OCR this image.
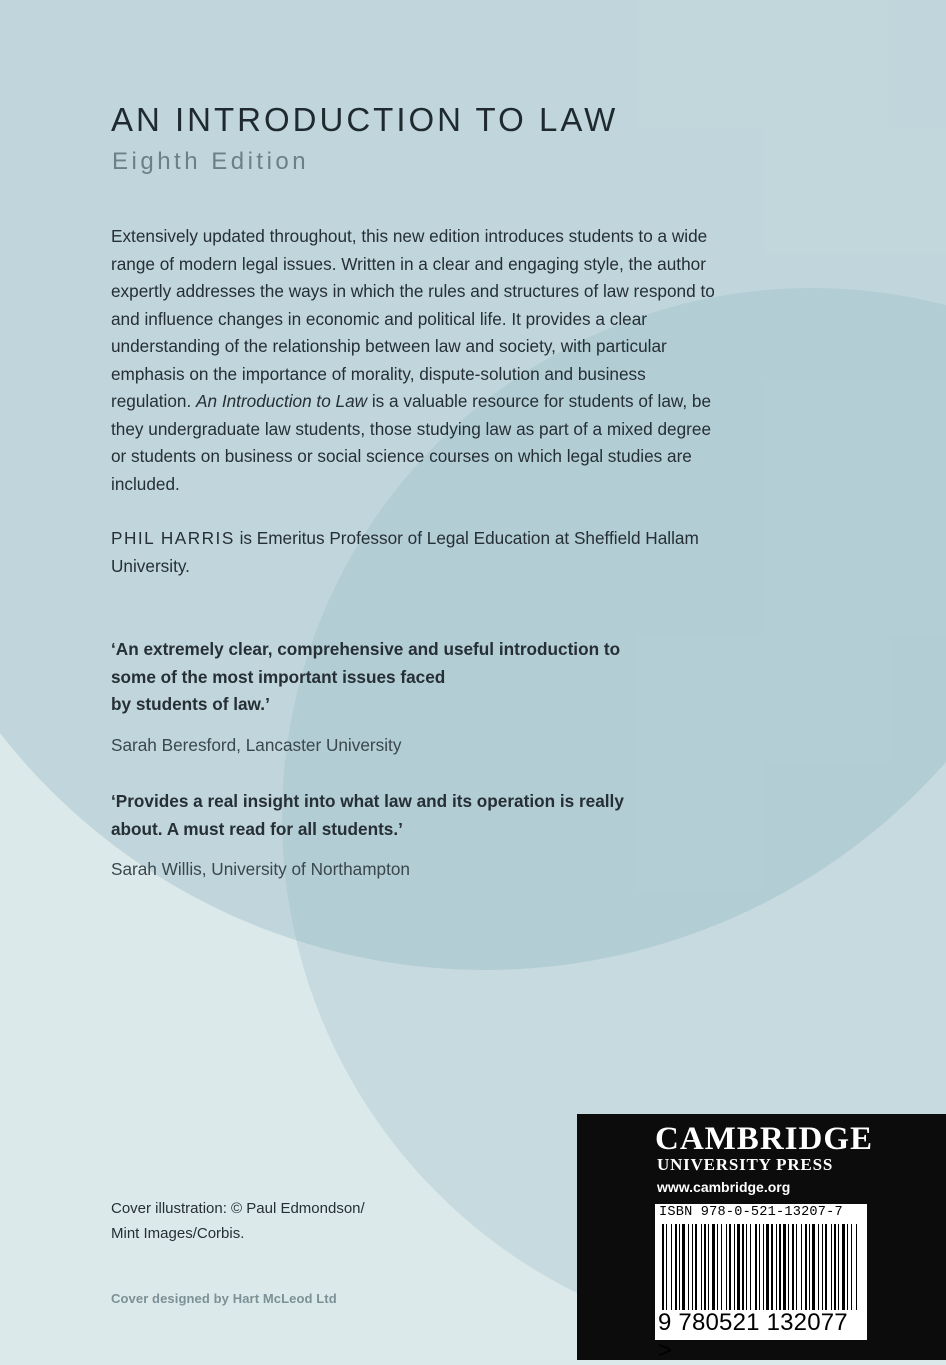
AN INTRODUCTION TO LAW
Eighth Edition

Extensively updated throughout, this new edition introduces students to a wide range of modern legal issues. Written in a clear and engaging style, the author expertly addresses the ways in which the rules and structures of law respond to and influence changes in economic and political life. It provides a clear understanding of the relationship between law and society, with particular emphasis on the importance of morality, dispute-solution and business regulation. An Introduction to Law is a valuable resource for students of law, be they undergraduate law students, those studying law as part of a mixed degree or students on business or social science courses on which legal studies are included.

PHIL HARRIS is Emeritus Professor of Legal Education at Sheffield Hallam University.

‘An extremely clear, comprehensive and useful introduction to
some of the most important issues faced
by students of law.’

Sarah Beresford, Lancaster University

‘Provides a real insight into what law and its operation is really
about. A must read for all students.’

Sarah Willis, University of Northampton

Cover illustration: © Paul Edmondson/
Mint Images/Corbis.

Cover designed by Hart McLeod Ltd
CAMBRIDGE
UNIVERSITY PRESS
www.cambridge.org
ISBN 978-0-521-13207-7
9 780521 132077 >
